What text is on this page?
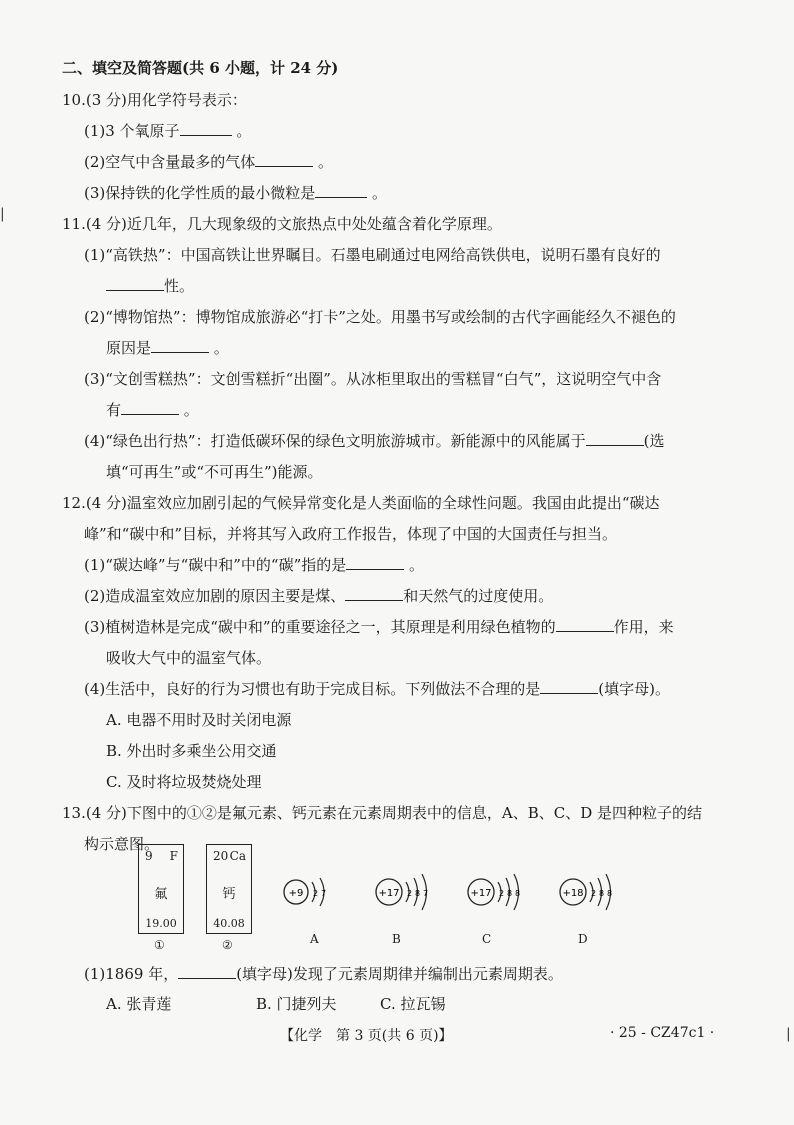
二、填空及简答题(共 6 小题，计 24 分)
10.(3 分)用化学符号表示：
(1)3 个氧原子	。
(2)空气中含量最多的气体	。
(3)保持铁的化学性质的最小微粒是	。
|
11.(4 分)近几年，几大现象级的文旅热点中处处蕴含着化学原理。
(1)“高铁热”：中国高铁让世界瞩目。石墨电刷通过电网给高铁供电，说明石墨有良好的
性。
(2)“博物馆热”：博物馆成旅游必“打卡”之处。用墨书写或绘制的古代字画能经久不褪色的
原因是	。
(3)“文创雪糕热”：文创雪糕折“出圈”。从冰柜里取出的雪糕冒“白气”，这说明空气中含
有	。
(4)“绿色出行热”：打造低碳环保的绿色文明旅游城市。新能源中的风能属于	(选
填“可再生”或“不可再生”)能源。
12.(4 分)温室效应加剧引起的气候异常变化是人类面临的全球性问题。我国由此提出“碳达
峰”和“碳中和”目标，并将其写入政府工作报告，体现了中国的大国责任与担当。
(1)“碳达峰”与“碳中和”中的“碳”指的是	。
(2)造成温室效应加剧的原因主要是煤、	和天然气的过度使用。
(3)植树造林是完成“碳中和”的重要途径之一，其原理是利用绿色植物的	作用，来
吸收大气中的温室气体。
(4)生活中，良好的行为习惯也有助于完成目标。下列做法不合理的是	(填字母)。
A. 电器不用时及时关闭电源
B. 外出时多乘坐公用交通
C. 及时将垃圾焚烧处理
13.(4 分)下图中的①②是氟元素、钙元素在元素周期表中的信息，A、B、C、D 是四种粒子的结
构示意图。
9 F
氟
19.00
①
20 Ca
钙
40.08
②
+9 2 7
A
+17 2 8 7
B
+17 2 8 8
C
+18 2 8 8
D
(1)1869 年，	(填字母)发现了元素周期律并编制出元素周期表。
A. 张青莲	B. 门捷列夫	C. 拉瓦锡
【化学　第 3 页(共 6 页)】	· 25 - CZ47c1 ·	|
